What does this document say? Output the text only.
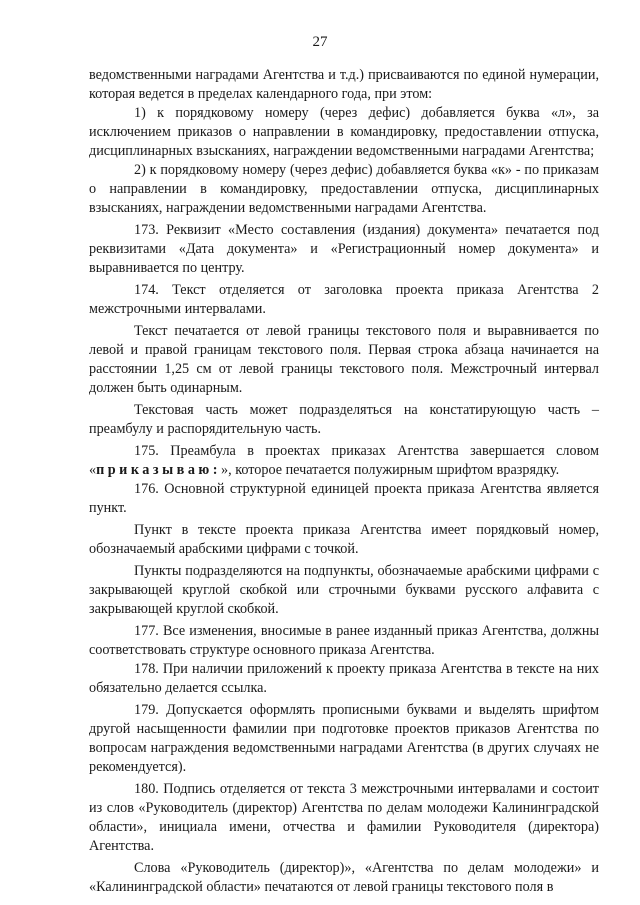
27

ведомственными наградами Агентства и т.д.) присваиваются по единой нумерации, которая ведется в пределах календарного года, при этом:

1) к порядковому номеру (через дефис) добавляется буква «л», за исключением приказов о направлении в командировку, предоставлении отпуска, дисциплинарных взысканиях, награждении ведомственными наградами Агентства;

2) к порядковому номеру (через дефис) добавляется буква «к» - по приказам о направлении в командировку, предоставлении отпуска, дисциплинарных взысканиях, награждении ведомственными наградами Агентства.

173. Реквизит «Место составления (издания) документа» печатается под реквизитами «Дата документа» и «Регистрационный номер документа» и выравнивается по центру.

174. Текст отделяется от заголовка проекта приказа Агентства 2 межстрочными интервалами.

Текст печатается от левой границы текстового поля и выравнивается по левой и правой границам текстового поля. Первая строка абзаца начинается на расстоянии 1,25 см от левой границы текстового поля. Межстрочный интервал должен быть одинарным.

Текстовая часть может подразделяться на констатирующую часть – преамбулу и распорядительную часть.

175. Преамбула в проектах приказах Агентства завершается словом «приказываю:», которое печатается полужирным шрифтом вразрядку.

176. Основной структурной единицей проекта приказа Агентства является пункт.

Пункт в тексте проекта приказа Агентства имеет порядковый номер, обозначаемый арабскими цифрами с точкой.

Пункты подразделяются на подпункты, обозначаемые арабскими цифрами с закрывающей круглой скобкой или строчными буквами русского алфавита с закрывающей круглой скобкой.

177. Все изменения, вносимые в ранее изданный приказ Агентства, должны соответствовать структуре основного приказа Агентства.

178. При наличии приложений к проекту приказа Агентства в тексте на них обязательно делается ссылка.

179. Допускается оформлять прописными буквами и выделять шрифтом другой насыщенности фамилии при подготовке проектов приказов Агентства по вопросам награждения ведомственными наградами Агентства (в других случаях не рекомендуется).

180. Подпись отделяется от текста 3 межстрочными интервалами и состоит из слов «Руководитель (директор) Агентства по делам молодежи Калининградской области», инициала имени, отчества и фамилии Руководителя (директора) Агентства.

Слова «Руководитель (директор)», «Агентства по делам молодежи» и «Калининградской области» печатаются от левой границы текстового поля в
